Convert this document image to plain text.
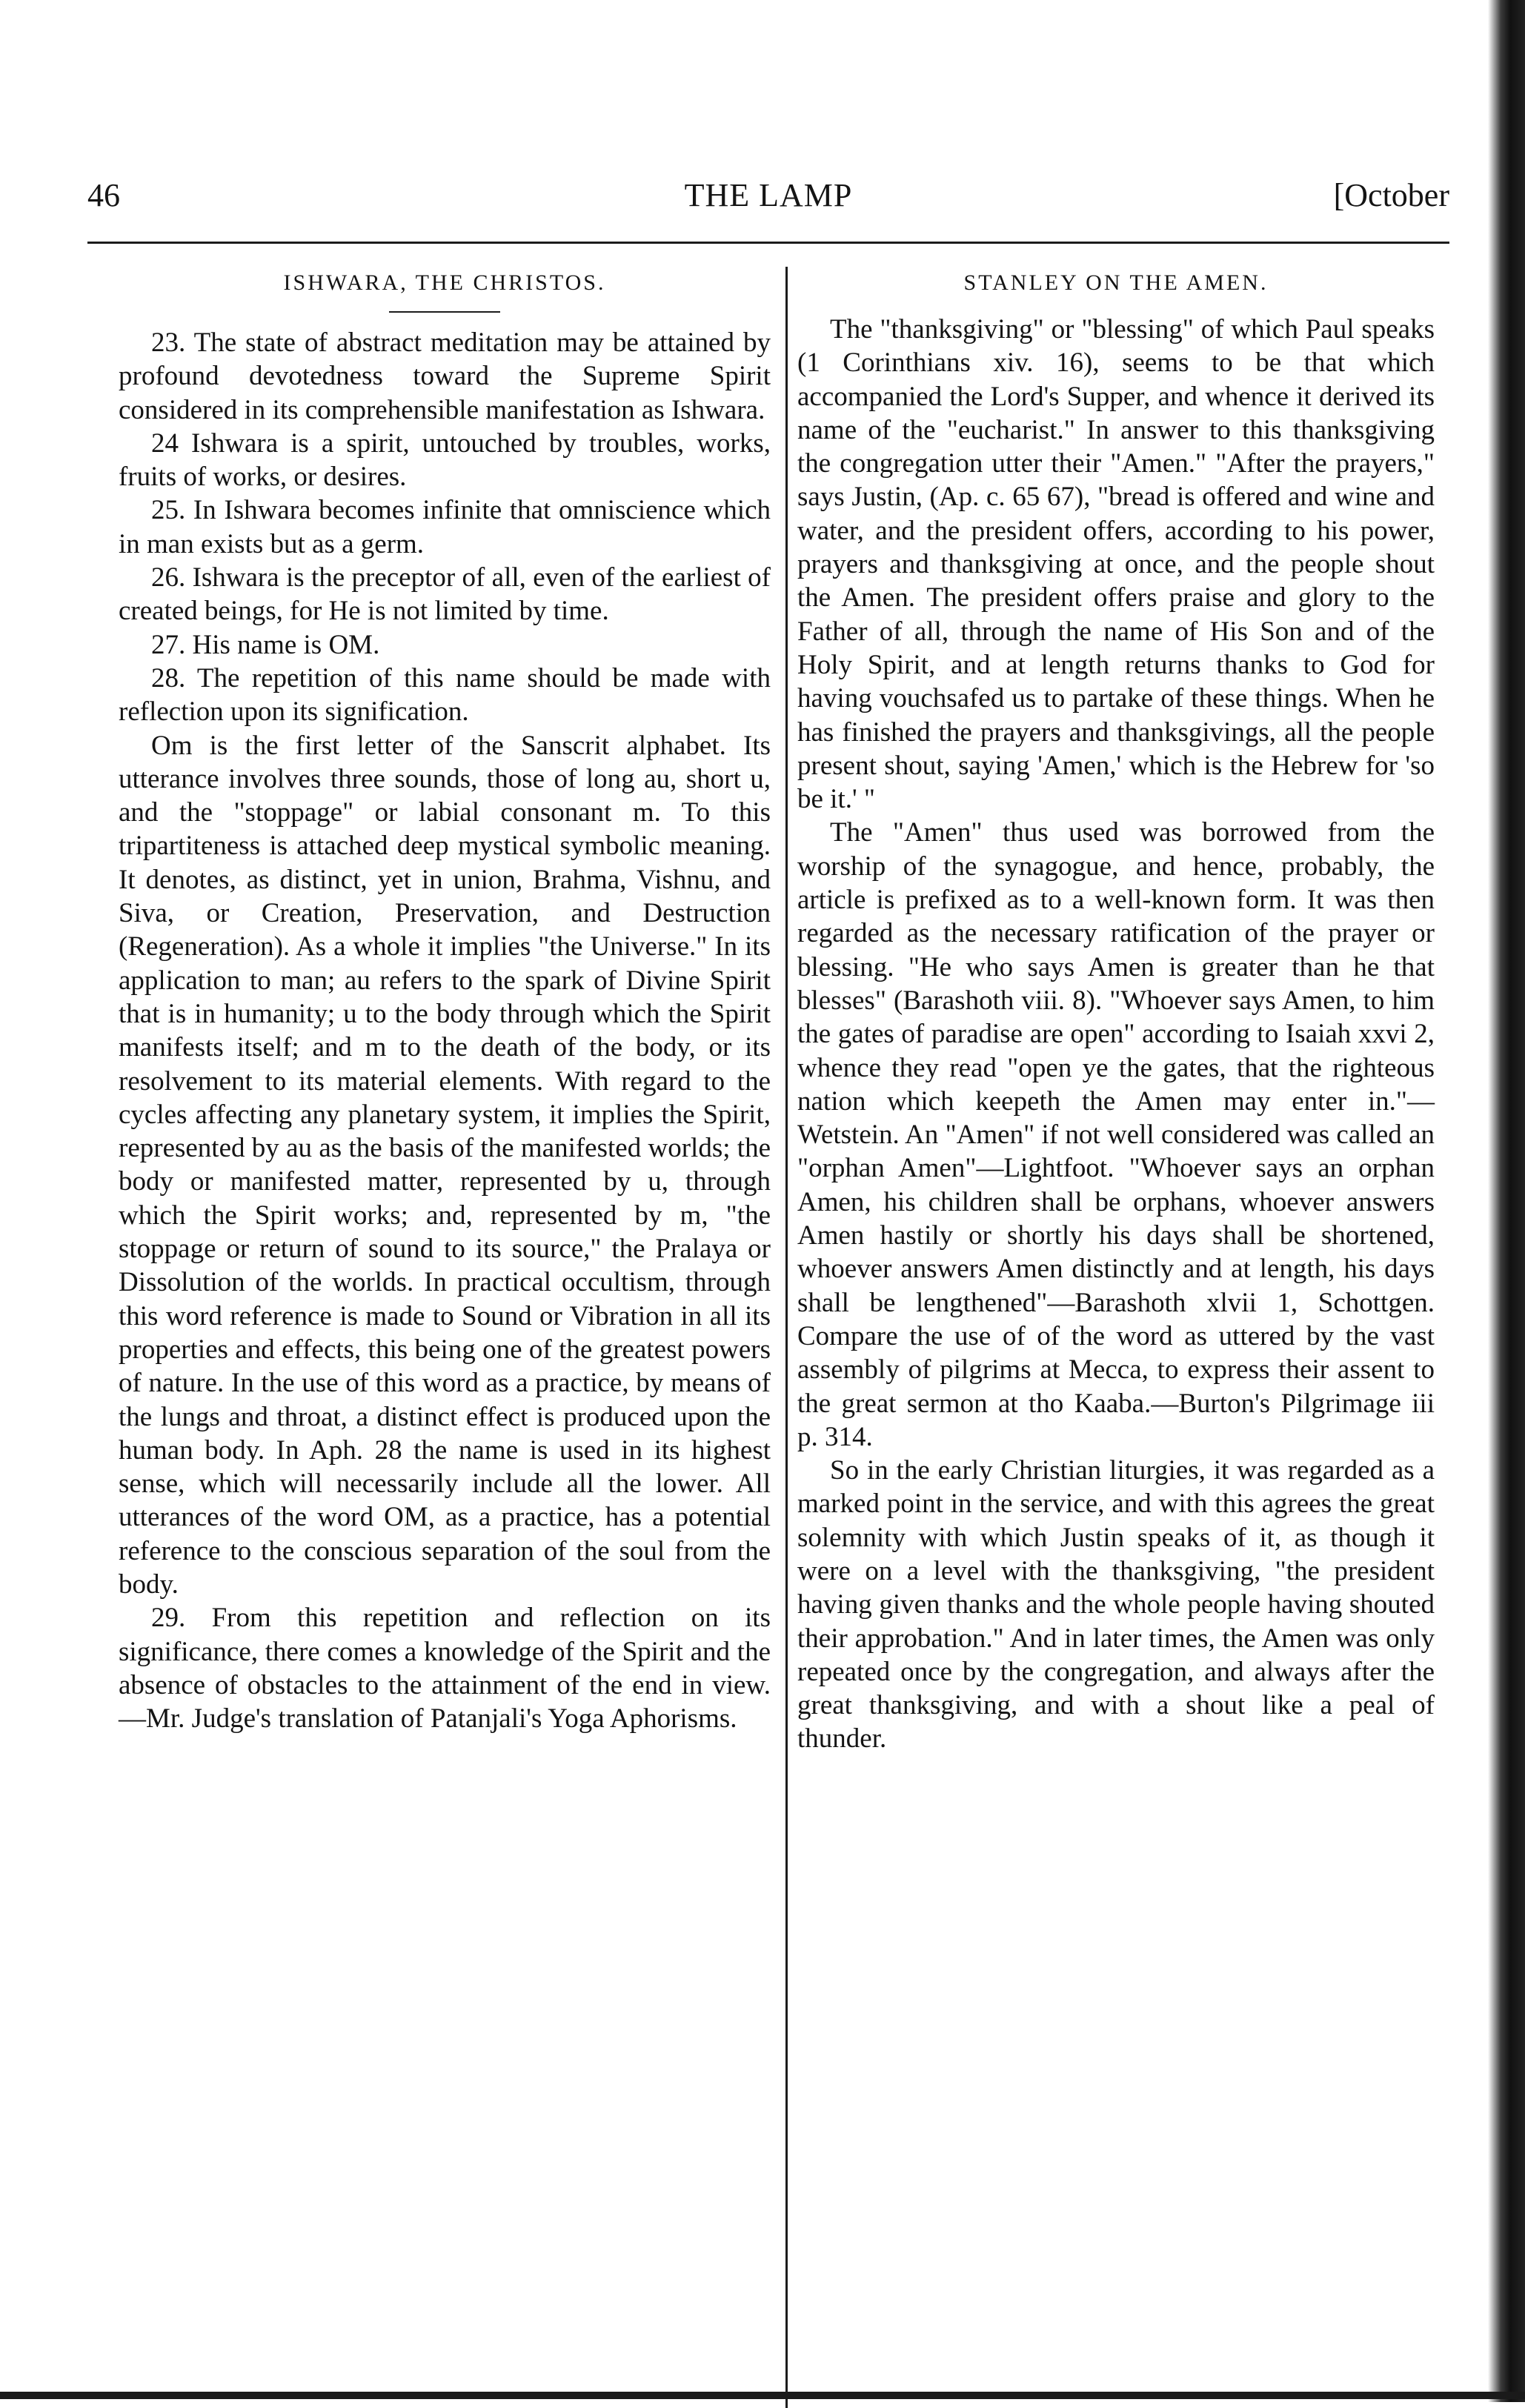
46	THE LAMP	[October
ISHWARA, THE CHRISTOS.

23. The state of abstract meditation may be attained by profound devotedness toward the Supreme Spirit considered in its comprehensible manifestation as Ishwara.

24 Ishwara is a spirit, untouched by troubles, works, fruits of works, or desires.

25. In Ishwara becomes infinite that omniscience which in man exists but as a germ.

26. Ishwara is the preceptor of all, even of the earliest of created beings, for He is not limited by time.

27. His name is OM.

28. The repetition of this name should be made with reflection upon its signification.

Om is the first letter of the Sanscrit alphabet. Its utterance involves three sounds, those of long au, short u, and the "stoppage" or labial consonant m. To this tripartiteness is attached deep mystical symbolic meaning. It denotes, as distinct, yet in union, Brahma, Vishnu, and Siva, or Creation, Preservation, and Destruction (Regeneration). As a whole it implies "the Universe." In its application to man; au refers to the spark of Divine Spirit that is in humanity; u to the body through which the Spirit manifests itself; and m to the death of the body, or its resolvement to its material elements. With regard to the cycles affecting any planetary system, it implies the Spirit, represented by au as the basis of the manifested worlds; the body or manifested matter, represented by u, through which the Spirit works; and, represented by m, "the stoppage or return of sound to its source," the Pralaya or Dissolution of the worlds. In practical occultism, through this word reference is made to Sound or Vibration in all its properties and effects, this being one of the greatest powers of nature. In the use of this word as a practice, by means of the lungs and throat, a distinct effect is produced upon the human body. In Aph. 28 the name is used in its highest sense, which will necessarily include all the lower. All utterances of the word OM, as a practice, has a potential reference to the conscious separation of the soul from the body.

29. From this repetition and reflection on its significance, there comes a knowledge of the Spirit and the absence of obstacles to the attainment of the end in view.—Mr. Judge's translation of Patanjali's Yoga Aphorisms.

STANLEY ON THE AMEN.

The "thanksgiving" or "blessing" of which Paul speaks (1 Corinthians xiv. 16), seems to be that which accompanied the Lord's Supper, and whence it derived its name of the "eucharist." In answer to this thanksgiving the congregation utter their "Amen." "After the prayers," says Justin, (Ap. c. 65 67), "bread is offered and wine and water, and the president offers, according to his power, prayers and thanksgiving at once, and the people shout the Amen. The president offers praise and glory to the Father of all, through the name of His Son and of the Holy Spirit, and at length returns thanks to God for having vouchsafed us to partake of these things. When he has finished the prayers and thanksgivings, all the people present shout, saying 'Amen,' which is the Hebrew for 'so be it.' "

The "Amen" thus used was borrowed from the worship of the synagogue, and hence, probably, the article is prefixed as to a well-known form. It was then regarded as the necessary ratification of the prayer or blessing. "He who says Amen is greater than he that blesses" (Barashoth viii. 8). "Whoever says Amen, to him the gates of paradise are open" according to Isaiah xxvi 2, whence they read "open ye the gates, that the righteous nation which keepeth the Amen may enter in."—Wetstein. An "Amen" if not well considered was called an "orphan Amen"—Lightfoot. "Whoever says an orphan Amen, his children shall be orphans, whoever answers Amen hastily or shortly his days shall be shortened, whoever answers Amen distinctly and at length, his days shall be lengthened"—Barashoth xlvii 1, Schottgen. Compare the use of of the word as uttered by the vast assembly of pilgrims at Mecca, to express their assent to the great sermon at tho Kaaba.—Burton's Pilgrimage iii p. 314.

So in the early Christian liturgies, it was regarded as a marked point in the service, and with this agrees the great solemnity with which Justin speaks of it, as though it were on a level with the thanksgiving, "the president having given thanks and the whole people having shouted their approbation." And in later times, the Amen was only repeated once by the congregation, and always after the great thanksgiving, and with a shout like a peal of thunder.
